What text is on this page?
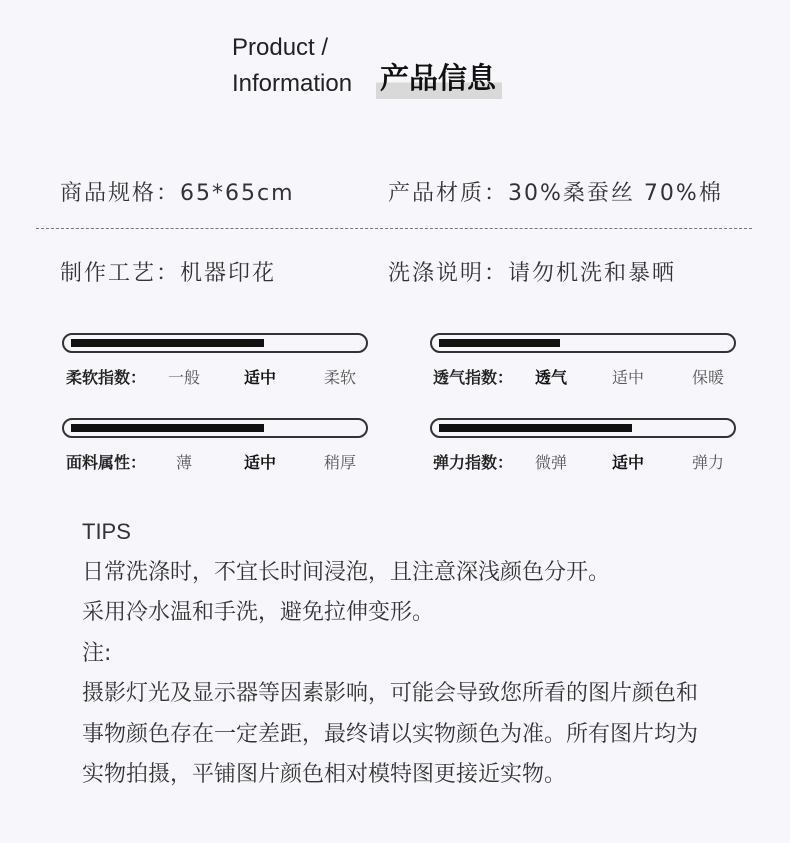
Product /
Information 产品信息
商品规格：65*65cm	产品材质：30%桑蚕丝 70%棉
制作工艺：机器印花	洗涤说明：请勿机洗和暴晒
柔软指数： 一般	适中	柔软	透气指数： 透气	适中	保暖
面料属性： 薄	适中	稍厚	弹力指数： 微弹	适中	弹力
TIPS
日常洗涤时，不宜长时间浸泡，且注意深浅颜色分开。
采用冷水温和手洗，避免拉伸变形。
注:
摄影灯光及显示器等因素影响，可能会导致您所看的图片颜色和
事物颜色存在一定差距，最终请以实物颜色为准。所有图片均为
实物拍摄，平铺图片颜色相对模特图更接近实物。
